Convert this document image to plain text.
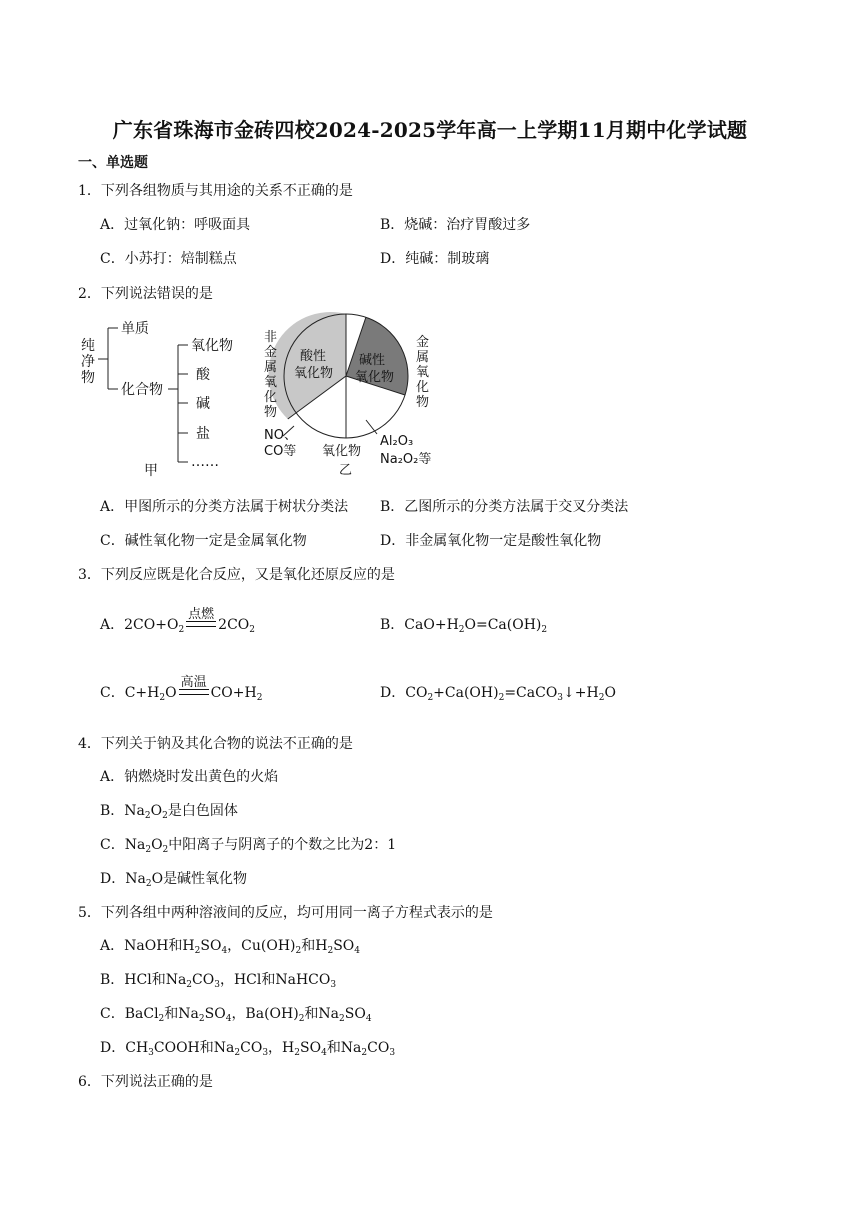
广东省珠海市金砖四校2024-2025学年高一上学期11月期中化学试题
一、单选题
1．下列各组物质与其用途的关系不正确的是
A．过氧化钠：呼吸面具	B．烧碱：治疗胃酸过多
C．小苏打：焙制糕点	D．纯碱：制玻璃
2．下列说法错误的是
纯
净
物
单质
化合物
氧化物
酸
碱
盐
……
甲
非
金
属
氧
化
物
金
属
氧
化
物
酸性
氧化物
碱性
氧化物
NO、
CO等 氧化物
Al₂O₃
Na₂O₂等
乙
A．甲图所示的分类方法属于树状分类法 B．乙图所示的分类方法属于交叉分类法
C．碱性氧化物一定是金属氧化物	D．非金属氧化物一定是酸性氧化物
3．下列反应既是化合反应，又是氧化还原反应的是
A．$2CO+O_2$
点燃
$2CO_2$	B．$CaO+H_2O=Ca(OH)_2$
C．$C+H_2O$
高温
$CO+H_2$	D．$CO_2+Ca(OH)_2=CaCO_3↓+H_2O$
4．下列关于钠及其化合物的说法不正确的是
A．钠燃烧时发出黄色的火焰
B．$Na_2O_2$是白色固体
C．$Na_2O_2$中阳离子与阴离子的个数之比为2：1
D．$Na_2O$是碱性氧化物
5．下列各组中两种溶液间的反应，均可用同一离子方程式表示的是
A．NaOH和$H_2SO_4$，$Cu(OH)_2$和$H_2SO_4$
B．HCl和$Na_2CO_3$，HCl和NaHCO$_3$
C．BaCl$_2$和$Na_2SO_4$，$Ba(OH)_2$和$Na_2SO_4$
D．$CH_3COOH$和$Na_2CO_3$，$H_2SO_4$和$Na_2CO_3$
6．下列说法正确的是
